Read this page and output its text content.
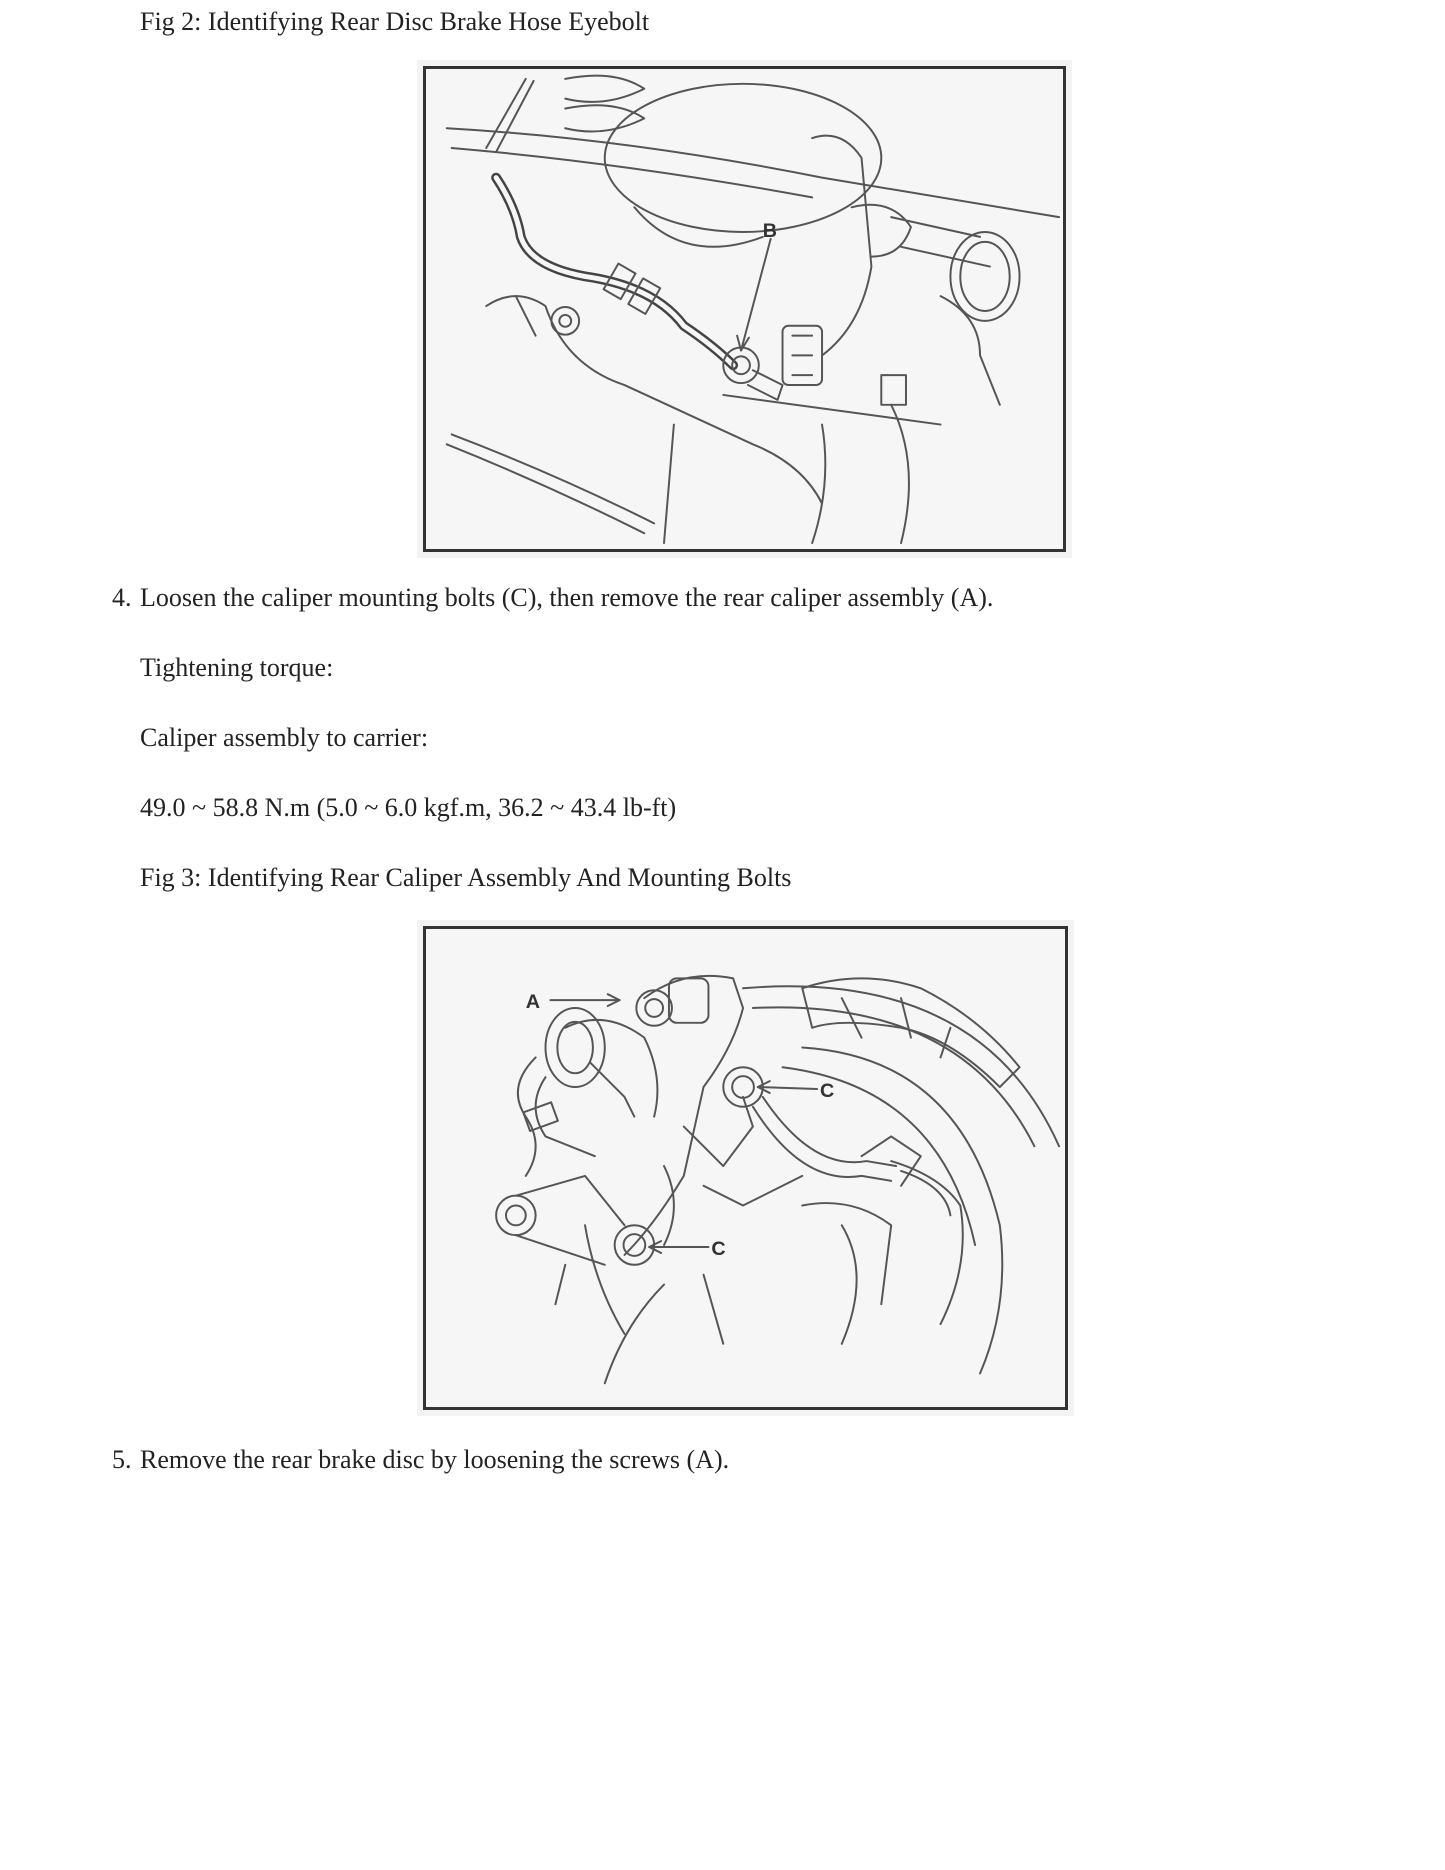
Fig 2: Identifying Rear Disc Brake Hose Eyebolt
B
4. Loosen the caliper mounting bolts (C), then remove the rear caliper assembly (A).
Tightening torque:
Caliper assembly to carrier:
49.0 ~ 58.8 N.m (5.0 ~ 6.0 kgf.m, 36.2 ~ 43.4 lb-ft)
Fig 3: Identifying Rear Caliper Assembly And Mounting Bolts
A
C
C
5. Remove the rear brake disc by loosening the screws (A).
